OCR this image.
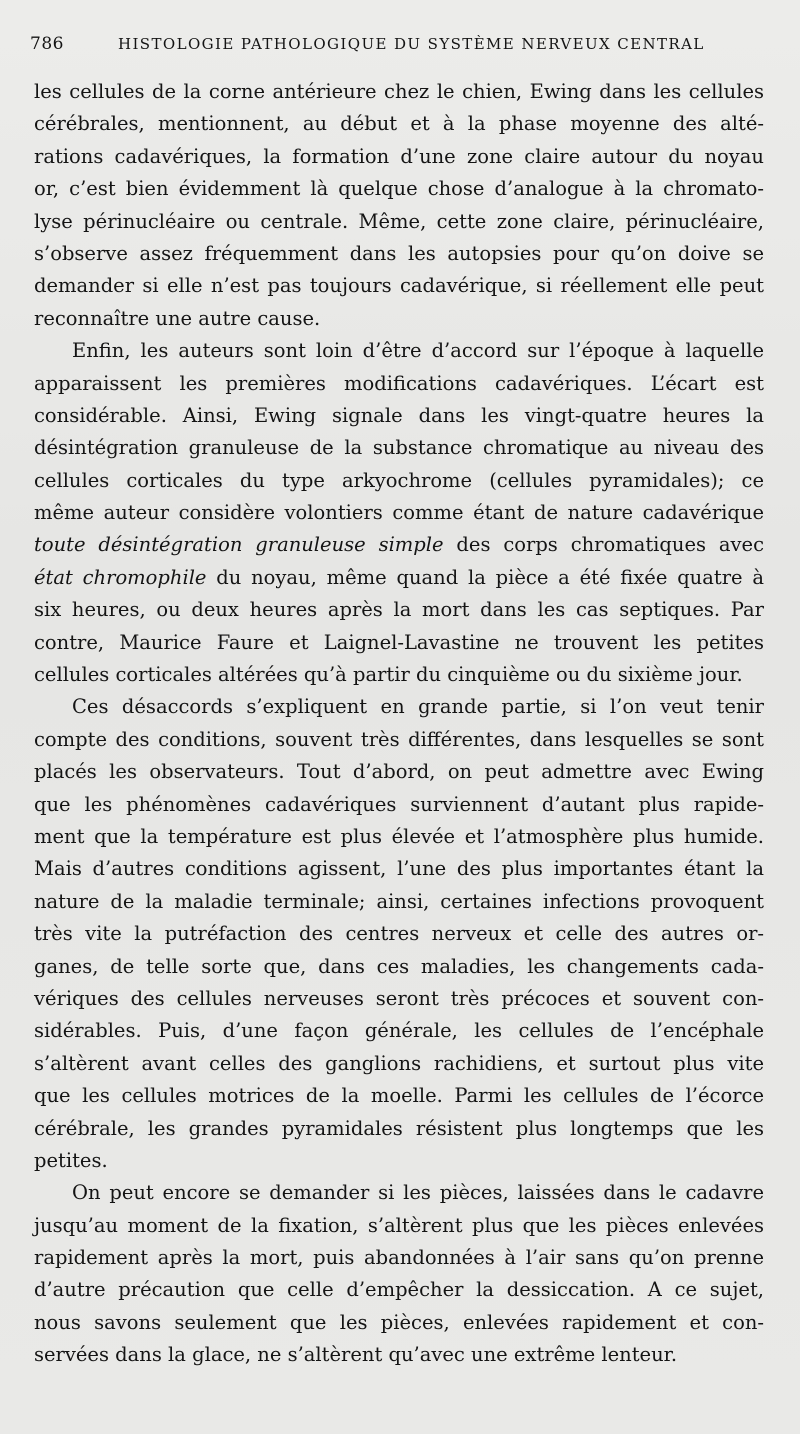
786	HISTOLOGIE PATHOLOGIQUE DU SYSTÈME NERVEUX CENTRAL
les cellules de la corne antérieure chez le chien, Ewing dans les cellules
cérébrales, mentionnent, au début et à la phase moyenne des alté-
rations cadavériques, la formation d’une zone claire autour du noyau
or, c’est bien évidemment là quelque chose d’analogue à la chromato-
lyse périnucléaire ou centrale. Même, cette zone claire, périnucléaire,
s’observe assez fréquemment dans les autopsies pour qu’on doive se
demander si elle n’est pas toujours cadavérique, si réellement elle peut
reconnaître une autre cause.
Enfin, les auteurs sont loin d’être d’accord sur l’époque à laquelle
apparaissent les premières modifications cadavériques. L’écart est
considérable. Ainsi, Ewing signale dans les vingt-quatre heures la
désintégration granuleuse de la substance chromatique au niveau des
cellules corticales du type arkyochrome (cellules pyramidales); ce
même auteur considère volontiers comme étant de nature cadavérique
toute désintégration granuleuse simple des corps chromatiques avec
état chromophile du noyau, même quand la pièce a été fixée quatre à
six heures, ou deux heures après la mort dans les cas septiques. Par
contre, Maurice Faure et Laignel-Lavastine ne trouvent les petites
cellules corticales altérées qu’à partir du cinquième ou du sixième jour.
Ces désaccords s’expliquent en grande partie, si l’on veut tenir
compte des conditions, souvent très différentes, dans lesquelles se sont
placés les observateurs. Tout d’abord, on peut admettre avec Ewing
que les phénomènes cadavériques surviennent d’autant plus rapide-
ment que la température est plus élevée et l’atmosphère plus humide.
Mais d’autres conditions agissent, l’une des plus importantes étant la
nature de la maladie terminale; ainsi, certaines infections provoquent
très vite la putréfaction des centres nerveux et celle des autres or-
ganes, de telle sorte que, dans ces maladies, les changements cada-
vériques des cellules nerveuses seront très précoces et souvent con-
sidérables. Puis, d’une façon générale, les cellules de l’encéphale
s’altèrent avant celles des ganglions rachidiens, et surtout plus vite
que les cellules motrices de la moelle. Parmi les cellules de l’écorce
cérébrale, les grandes pyramidales résistent plus longtemps que les
petites.
On peut encore se demander si les pièces, laissées dans le cadavre
jusqu’au moment de la fixation, s’altèrent plus que les pièces enlevées
rapidement après la mort, puis abandonnées à l’air sans qu’on prenne
d’autre précaution que celle d’empêcher la dessiccation. A ce sujet,
nous savons seulement que les pièces, enlevées rapidement et con-
servées dans la glace, ne s’altèrent qu’avec une extrême lenteur.
